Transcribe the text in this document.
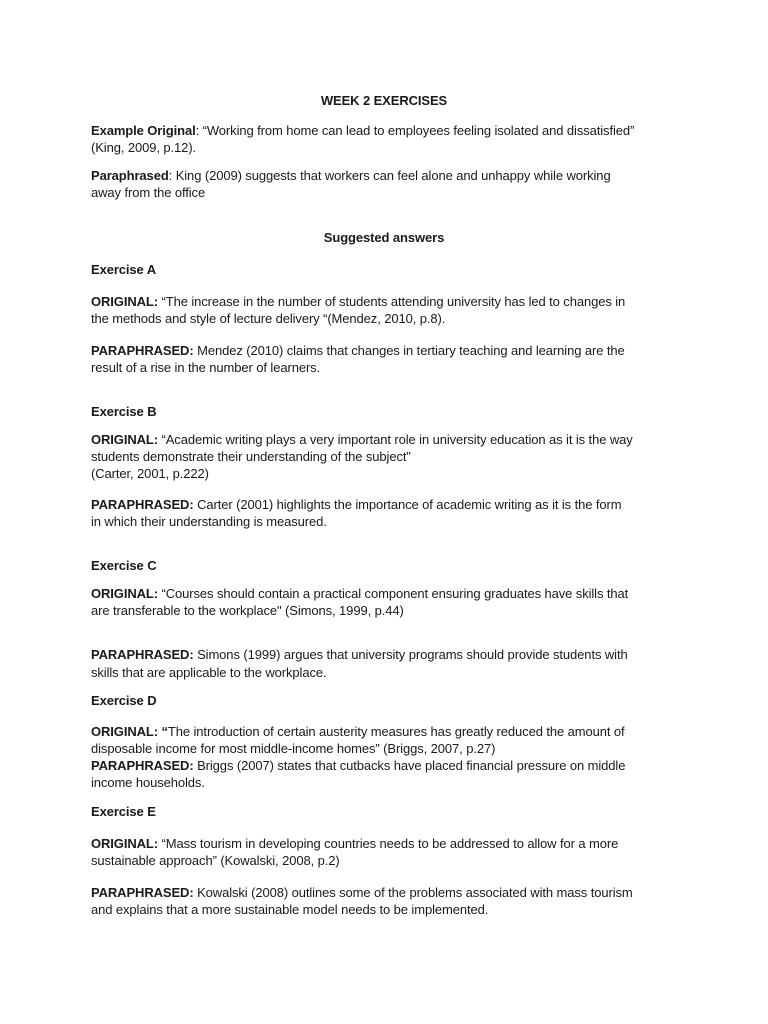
WEEK 2 EXERCISES
Example Original: “Working from home can lead to employees feeling isolated and dissatisfied”
(King, 2009, p.12).
Paraphrased: King (2009) suggests that workers can feel alone and unhappy while working
away from the office
Suggested answers
Exercise A
ORIGINAL: “The increase in the number of students attending university has led to changes in
the methods and style of lecture delivery “(Mendez, 2010, p.8).
PARAPHRASED: Mendez (2010) claims that changes in tertiary teaching and learning are the
result of a rise in the number of learners.
Exercise B
ORIGINAL: “Academic writing plays a very important role in university education as it is the way
students demonstrate their understanding of the subject”
(Carter, 2001, p.222)
PARAPHRASED: Carter (2001) highlights the importance of academic writing as it is the form
in which their understanding is measured.
Exercise C
ORIGINAL: “Courses should contain a practical component ensuring graduates have skills that
are transferable to the workplace" (Simons, 1999, p.44)
PARAPHRASED: Simons (1999) argues that university programs should provide students with
skills that are applicable to the workplace.
Exercise D
ORIGINAL: “The introduction of certain austerity measures has greatly reduced the amount of
disposable income for most middle-income homes” (Briggs, 2007, p.27)
PARAPHRASED: Briggs (2007) states that cutbacks have placed financial pressure on middle
income households.
Exercise E
ORIGINAL: “Mass tourism in developing countries needs to be addressed to allow for a more
sustainable approach” (Kowalski, 2008, p.2)
PARAPHRASED: Kowalski (2008) outlines some of the problems associated with mass tourism
and explains that a more sustainable model needs to be implemented.
